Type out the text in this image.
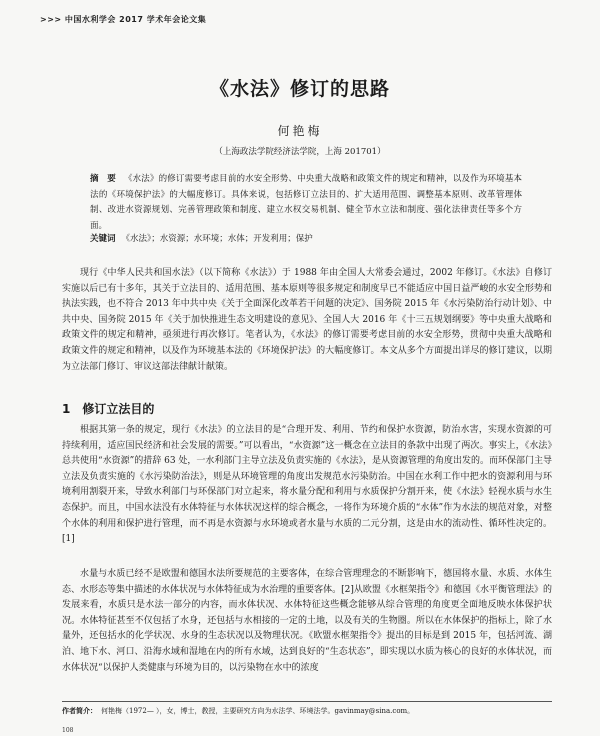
>>> 中国水利学会 2017 学术年会论文集
《水法》修订的思路
何艳梅
（上海政法学院经济法学院，上海 201701）
摘　要 《水法》的修订需要考虑目前的水安全形势、中央重大战略和政策文件的规定和精神，以及作为环境基本法的《环境保护法》的大幅度修订。具体来说，包括修订立法目的、扩大适用范围、调整基本原则、改革管理体制、改进水资源规划、完善管理政策和制度、建立水权交易机制、健全节水立法和制度、强化法律责任等多个方面。
关键词 《水法》；水资源；水环境；水体；开发利用；保护
现行《中华人民共和国水法》（以下简称《水法》）于 1988 年由全国人大常委会通过，2002 年修订。《水法》自修订实施以后已有十多年，其关于立法目的、适用范围、基本原则等很多规定和制度早已不能适应中国日益严峻的水安全形势和执法实践，也不符合 2013 年中共中央《关于全面深化改革若干问题的决定》、国务院 2015 年《水污染防治行动计划》、中共中央、国务院 2015 年《关于加快推进生态文明建设的意见》、全国人大 2016 年《十三五规划纲要》等中央重大战略和政策文件的规定和精神，亟须进行再次修订。笔者认为，《水法》的修订需要考虑目前的水安全形势，贯彻中央重大战略和政策文件的规定和精神，以及作为环境基本法的《环境保护法》的大幅度修订。本文从多个方面提出详尽的修订建议，以期为立法部门修订、审议这部法律献计献策。
1 修订立法目的
根据其第一条的规定，现行《水法》的立法目的是“合理开发、利用、节约和保护水资源，防治水害，实现水资源的可持续利用，适应国民经济和社会发展的需要。”可以看出，“水资源”这一概念在立法目的条款中出现了两次。事实上，《水法》总共使用“水资源”的措辞 63 处，一水利部门主导立法及负责实施的《水法》，是从资源管理的角度出发的。而环保部门主导立法及负责实施的《水污染防治法》，则是从环境管理的角度出发规范水污染防治。中国在水利工作中把水的资源利用与环境利用割裂开来，导致水利部门与环保部门对立起来，将水量分配和利用与水质保护分割开来，使《水法》轻视水质与水生态保护。而且，中国水法没有水体特征与水体状况这样的综合概念，一将作为环境介质的“水体”作为水法的规范对象，对整个水体的利用和保护进行管理，而不再是水资源与水环境或者水量与水质的二元分割，这是由水的流动性、循环性决定的。[1]
水量与水质已经不是欧盟和德国水法所要规范的主要客体，在综合管理理念的不断影响下，德国将水量、水质、水体生态、水形态等集中描述的水体状况与水体特征成为水治理的重要客体。[2]从欧盟《水框架指令》和德国《水平衡管理法》的发展来看，水质只是水法一部分的内容，而水体状况、水体特征这些概念能够从综合管理的角度更全面地反映水体保护状况。水体特征甚至不仅包括了水身，还包括与水相接的一定的土地，以及有关的生物圈。所以在水体保护的指标上，除了水量外，还包括水的化学状况、水身的生态状况以及物理状况。《欧盟水框架指令》提出的目标是到 2015 年，包括河流、湖泊、地下水、河口、沿海水域和湿地在内的所有水域，达到良好的“生态状态”，即实现以水质为核心的良好的水体状况，而水体状况“以保护人类健康与环境为目的，以污染物在水中的浓度
作者简介： 何艳梅（1972— ），女，博士，教授，主要研究方向为水法学、环境法学。gavinmay@sina.com。
108
